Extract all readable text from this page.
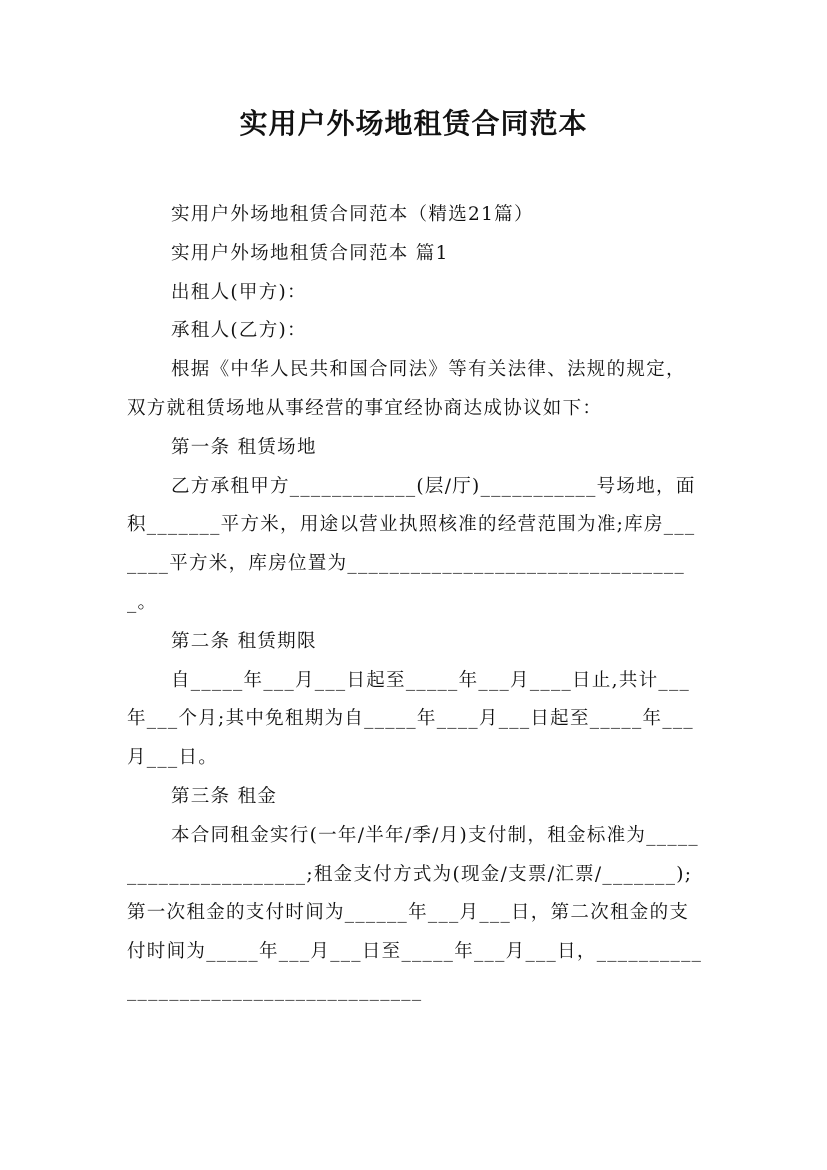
实用户外场地租赁合同范本

实用户外场地租赁合同范本（精选21篇）

实用户外场地租赁合同范本 篇1

出租人(甲方)：

承租人(乙方)：

根据《中华人民共和国合同法》等有关法律、法规的规定，双方就租赁场地从事经营的事宜经协商达成协议如下：

第一条 租赁场地

乙方承租甲方____________(层/厅)___________号场地，面积_______平方米，用途以营业执照核准的经营范围为准;库房_______平方米，库房位置为_________________________________。

第二条 租赁期限

自_____年___月___日起至_____年___月____日止,共计___年___个月;其中免租期为自_____年____月___日起至_____年___月___日。

第三条 租金

本合同租金实行(一年/半年/季/月)支付制，租金标准为______________________;租金支付方式为(现金/支票/汇票/_______);第一次租金的支付时间为______年___月___日，第二次租金的支付时间为_____年___月___日至_____年___月___日，______________________________________
